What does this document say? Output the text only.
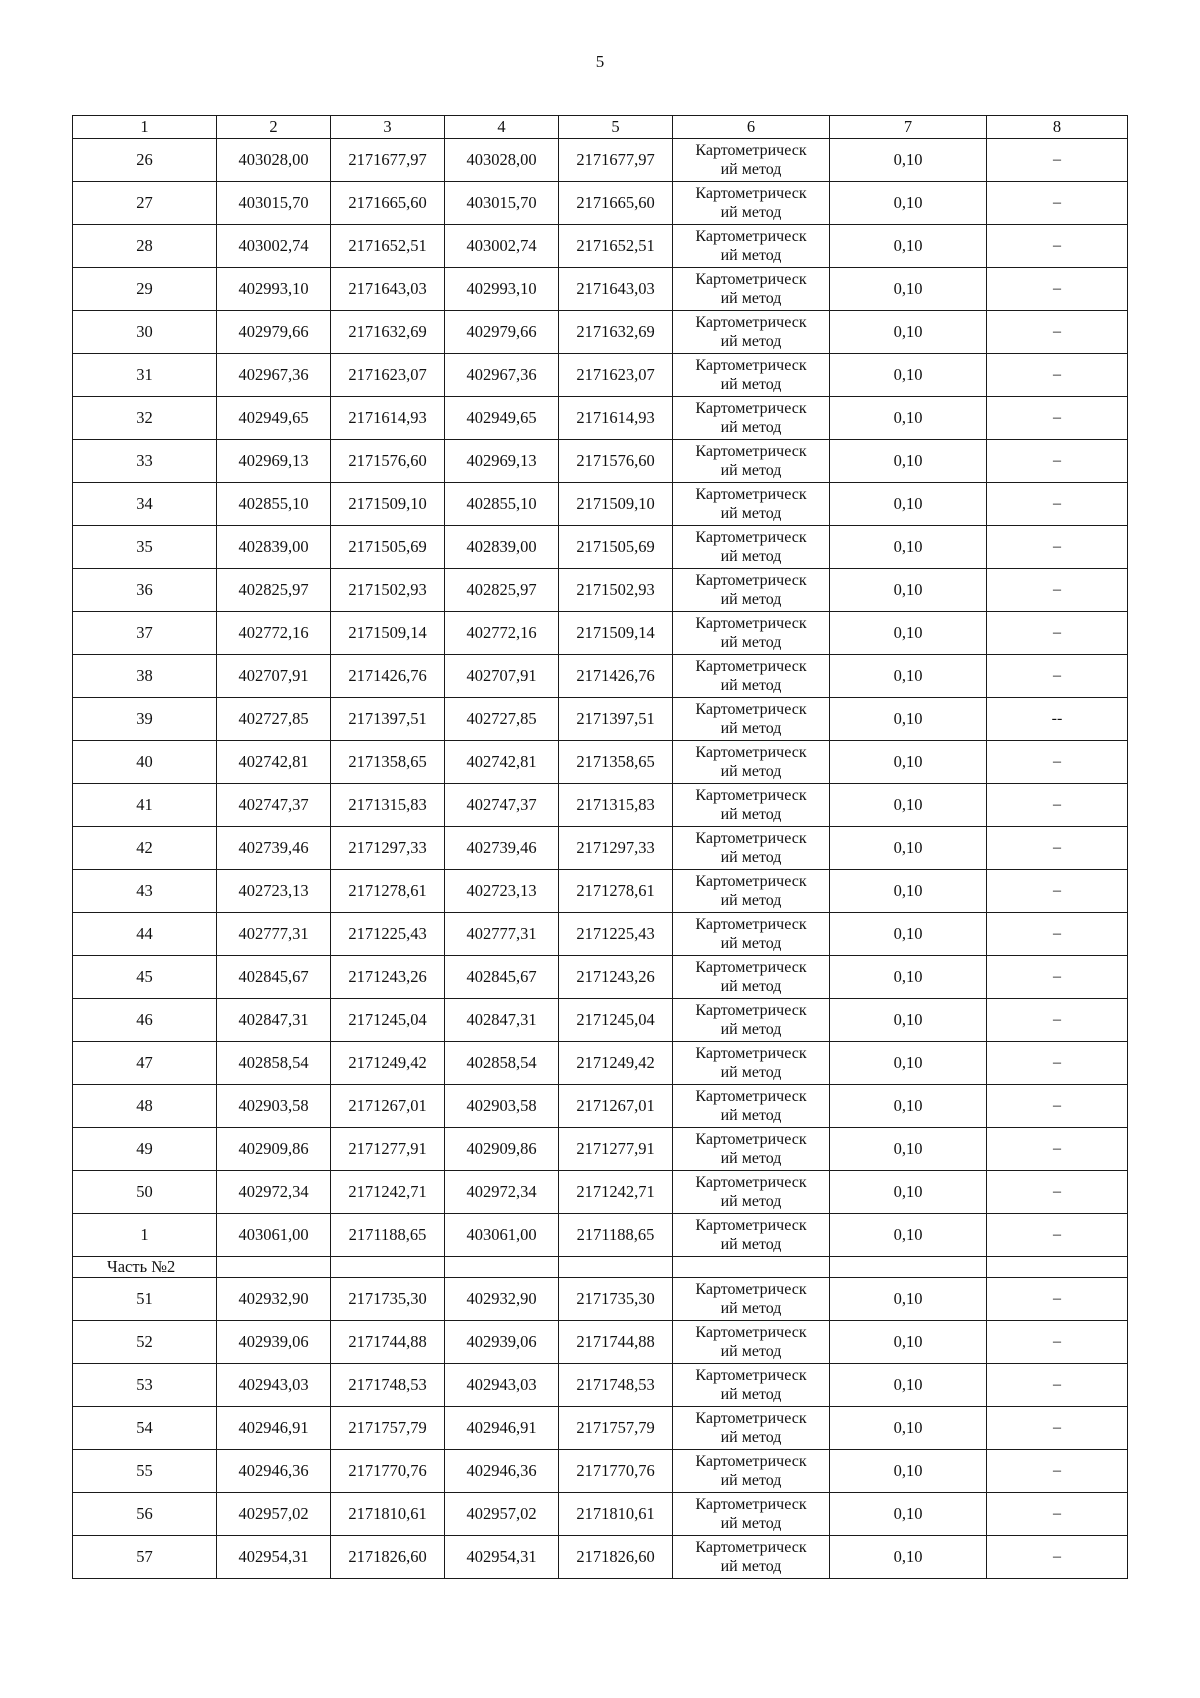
5
1	2	3	4	5	6	7	8
26	403028,00	2171677,97	403028,00	2171677,97	Картометрическ
ий метод	0,10	–
27	403015,70	2171665,60	403015,70	2171665,60	Картометрическ
ий метод	0,10	–
28	403002,74	2171652,51	403002,74	2171652,51	Картометрическ
ий метод	0,10	–
29	402993,10	2171643,03	402993,10	2171643,03	Картометрическ
ий метод	0,10	–
30	402979,66	2171632,69	402979,66	2171632,69	Картометрическ
ий метод	0,10	–
31	402967,36	2171623,07	402967,36	2171623,07	Картометрическ
ий метод	0,10	–
32	402949,65	2171614,93	402949,65	2171614,93	Картометрическ
ий метод	0,10	–
33	402969,13	2171576,60	402969,13	2171576,60	Картометрическ
ий метод	0,10	–
34	402855,10	2171509,10	402855,10	2171509,10	Картометрическ
ий метод	0,10	–
35	402839,00	2171505,69	402839,00	2171505,69	Картометрическ
ий метод	0,10	–
36	402825,97	2171502,93	402825,97	2171502,93	Картометрическ
ий метод	0,10	–
37	402772,16	2171509,14	402772,16	2171509,14	Картометрическ
ий метод	0,10	–
38	402707,91	2171426,76	402707,91	2171426,76	Картометрическ
ий метод	0,10	–
39	402727,85	2171397,51	402727,85	2171397,51	Картометрическ
ий метод	0,10	--
40	402742,81	2171358,65	402742,81	2171358,65	Картометрическ
ий метод	0,10	–
41	402747,37	2171315,83	402747,37	2171315,83	Картометрическ
ий метод	0,10	–
42	402739,46	2171297,33	402739,46	2171297,33	Картометрическ
ий метод	0,10	–
43	402723,13	2171278,61	402723,13	2171278,61	Картометрическ
ий метод	0,10	–
44	402777,31	2171225,43	402777,31	2171225,43	Картометрическ
ий метод	0,10	–
45	402845,67	2171243,26	402845,67	2171243,26	Картометрическ
ий метод	0,10	–
46	402847,31	2171245,04	402847,31	2171245,04	Картометрическ
ий метод	0,10	–
47	402858,54	2171249,42	402858,54	2171249,42	Картометрическ
ий метод	0,10	–
48	402903,58	2171267,01	402903,58	2171267,01	Картометрическ
ий метод	0,10	–
49	402909,86	2171277,91	402909,86	2171277,91	Картометрическ
ий метод	0,10	–
50	402972,34	2171242,71	402972,34	2171242,71	Картометрическ
ий метод	0,10	–
1	403061,00	2171188,65	403061,00	2171188,65	Картометрическ
ий метод	0,10	–
Часть №2							
51	402932,90	2171735,30	402932,90	2171735,30	Картометрическ
ий метод	0,10	–
52	402939,06	2171744,88	402939,06	2171744,88	Картометрическ
ий метод	0,10	–
53	402943,03	2171748,53	402943,03	2171748,53	Картометрическ
ий метод	0,10	–
54	402946,91	2171757,79	402946,91	2171757,79	Картометрическ
ий метод	0,10	–
55	402946,36	2171770,76	402946,36	2171770,76	Картометрическ
ий метод	0,10	–
56	402957,02	2171810,61	402957,02	2171810,61	Картометрическ
ий метод	0,10	–
57	402954,31	2171826,60	402954,31	2171826,60	Картометрическ
ий метод	0,10	–
